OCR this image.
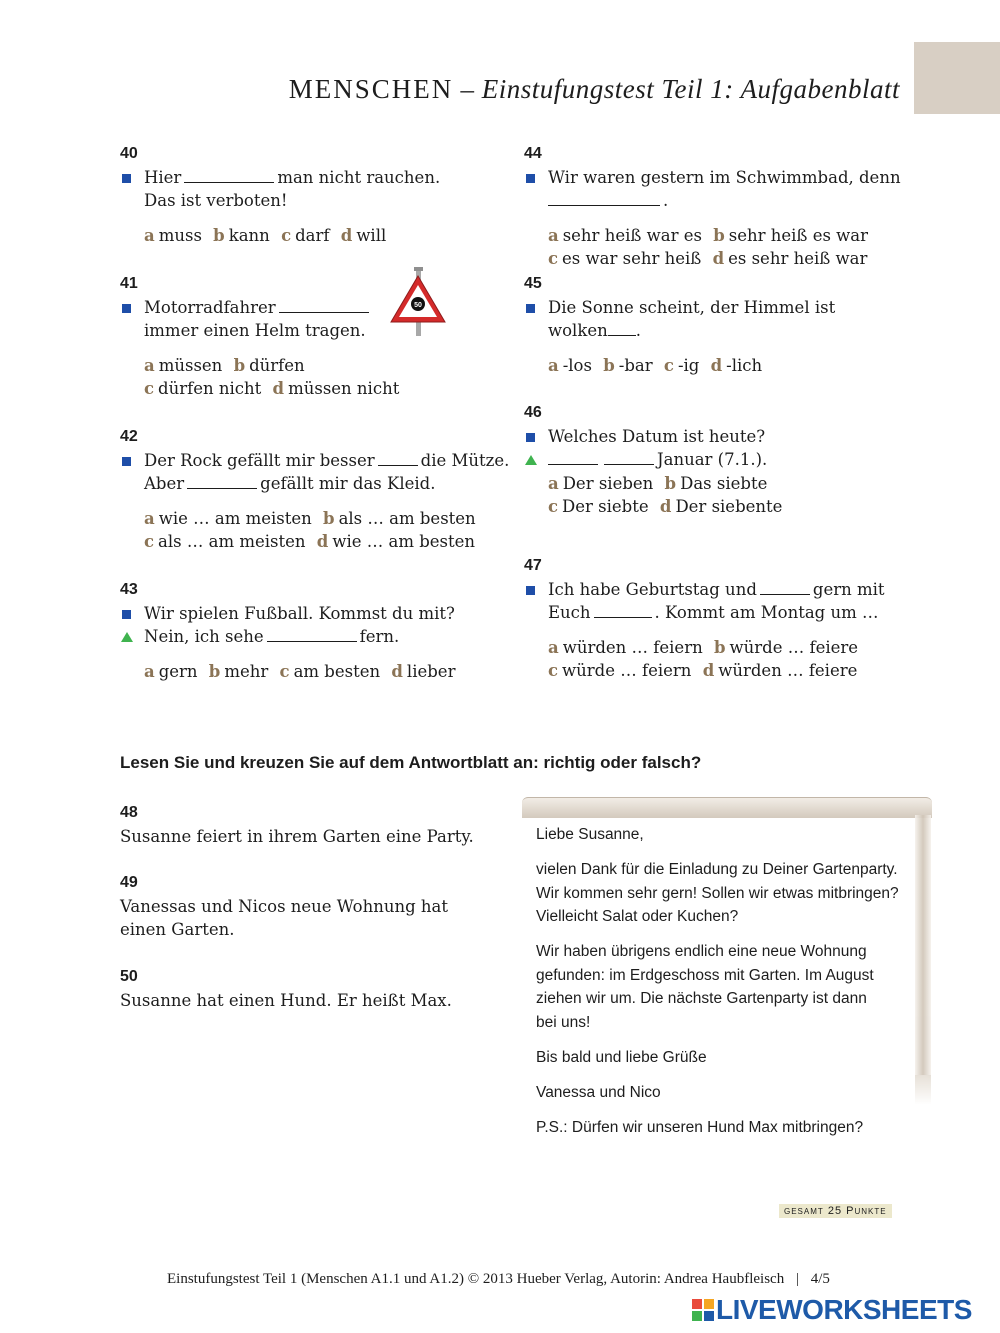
MENSCHEN – Einstufungstest Teil 1: Aufgabenblatt
40
Hier	man nicht rauchen.
Das ist verboten!
a muss b kann c darf d will
41
Motorradfahrer
immer einen Helm tragen.
a müssen b dürfen
c dürfen nicht d müssen nicht
50
42
Der Rock gefällt mir besser	die Mütze.
Aber	gefällt mir das Kleid.
a wie … am meisten b als … am besten
c als … am meisten d wie … am besten
43
Wir spielen Fußball. Kommst du mit?
Nein, ich sehe	fern.
a gern b mehr c am besten d lieber
44
Wir waren gestern im Schwimmbad, denn
.
a sehr heiß war es b sehr heiß es war
c es war sehr heiß d es sehr heiß war
45
Die Sonne scheint, der Himmel ist
wolken .
a -los b -bar c -ig d -lich
46
Welches Datum ist heute?
Januar (7.1.).
a Der sieben b Das siebte
c Der siebte d Der siebente
47
Ich habe Geburtstag und	gern mit
Euch	. Kommt am Montag um …
a würden … feiern b würde … feiere
c würde … feiern d würden … feiere
Lesen Sie und kreuzen Sie auf dem Antwortblatt an: richtig oder falsch?
48
Susanne feiert in ihrem Garten eine Party.
49
Vanessas und Nicos neue Wohnung hat
einen Garten.
50
Susanne hat einen Hund. Er heißt Max.

Liebe Susanne,

vielen Dank für die Einladung zu Deiner Gartenparty.
Wir kommen sehr gern! Sollen wir etwas mitbringen?
Vielleicht Salat oder Kuchen?

Wir haben übrigens endlich eine neue Wohnung
gefunden: im Erdgeschoss mit Garten. Im August
ziehen wir um. Die nächste Gartenparty ist dann
bei uns!

Bis bald und liebe Grüße

Vanessa und Nico

P.S.: Dürfen wir unseren Hund Max mitbringen?

gesamt 25 Punkte
Einstufungstest Teil 1 (Menschen A1.1 und A1.2) © 2013 Hueber Verlag, Autorin: Andrea Haubfleisch | 4/5
LIVEWORKSHEETS
